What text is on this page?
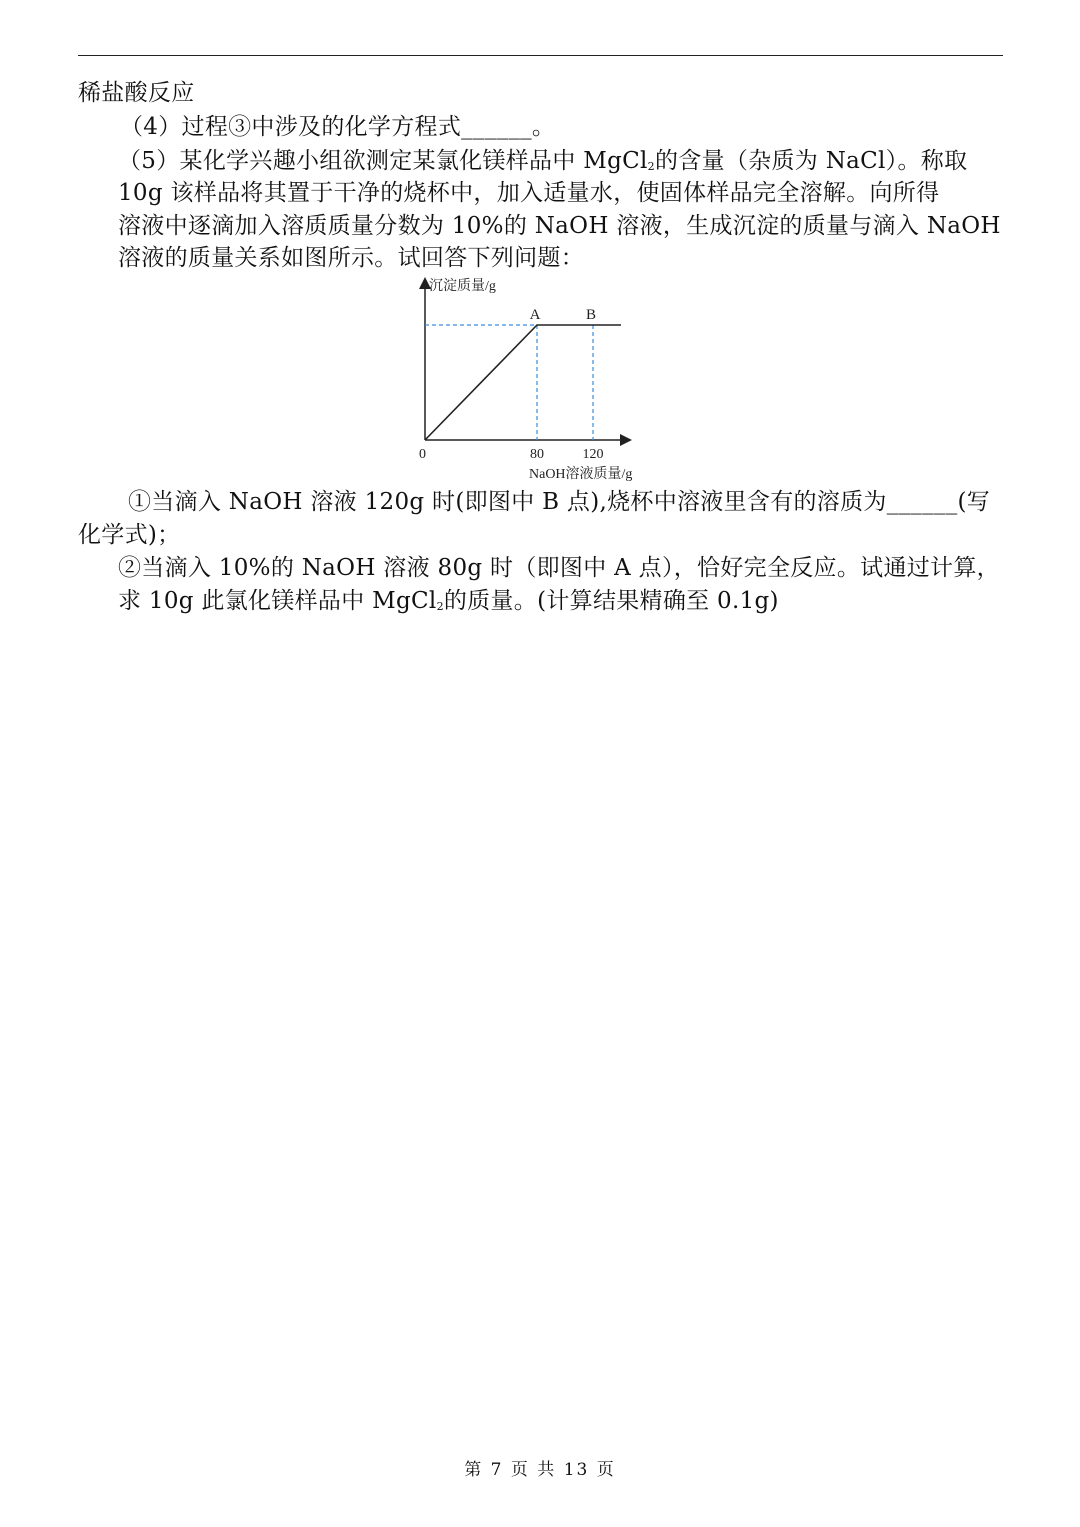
稀盐酸反应
（4）过程③中涉及的化学方程式______。
（5）某化学兴趣小组欲测定某氯化镁样品中 MgCl$_2$的含量（杂质为 NaCl）。称取
10g 该样品将其置于干净的烧杯中，加入适量水，使固体样品完全溶解。向所得
溶液中逐滴加入溶质质量分数为 10%的 NaOH 溶液，生成沉淀的质量与滴入 NaOH
溶液的质量关系如图所示。试回答下列问题：
沉淀质量/g
NaOH溶液质量/g
0
A	B
80	120
①当滴入 NaOH 溶液 120g 时(即图中 B 点),烧杯中溶液里含有的溶质为______(写
化学式)；
②当滴入 10%的 NaOH 溶液 80g 时（即图中 A 点），恰好完全反应。试通过计算，
求 10g 此氯化镁样品中 MgCl$_2$的质量。(计算结果精确至 0.1g)
第 7 页 共 13 页
